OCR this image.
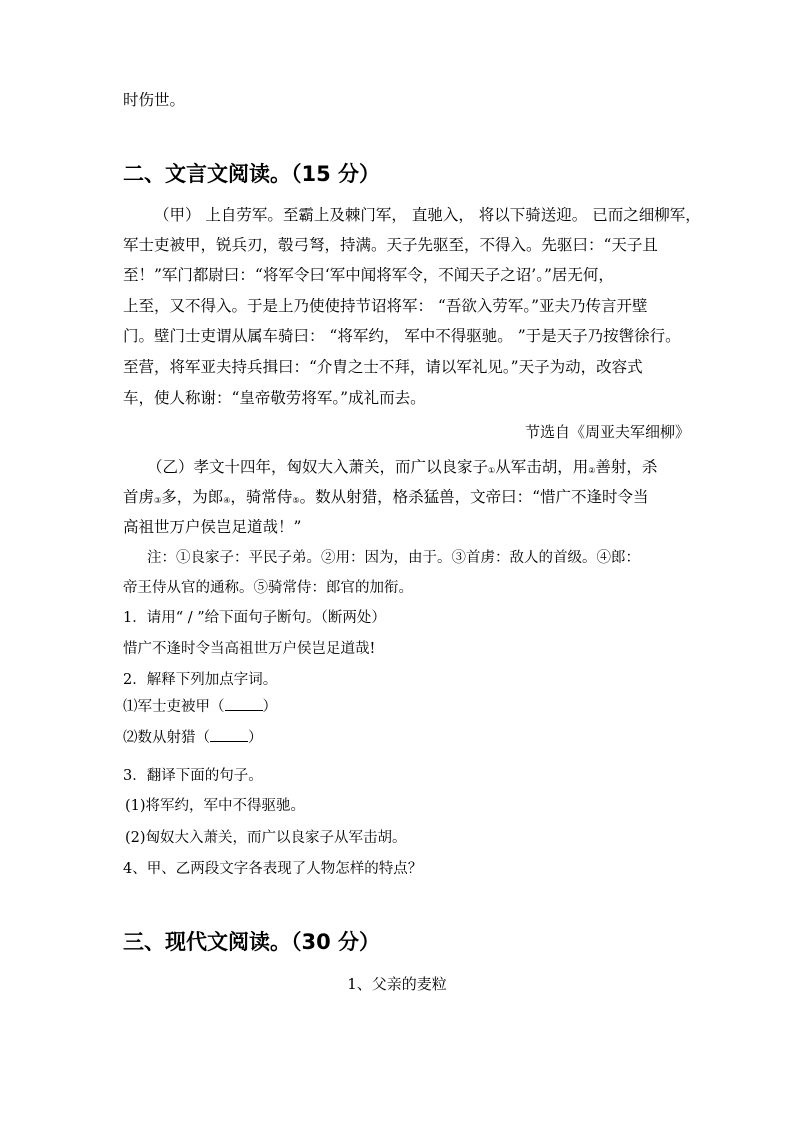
时伤世。
二、文言文阅读。（15 分）
（甲） 上自劳军。至霸上及棘门军， 直驰入， 将以下骑送迎。 已而之细柳军，
军士吏被甲，锐兵刃，彀弓弩，持满。天子先驱至，不得入。先驱曰：“天子且
至！”军门都尉曰：“将军令曰‘军中闻将军令，不闻天子之诏’。”居无何，
上至，又不得入。于是上乃使使持节诏将军： “吾欲入劳军。”亚夫乃传言开壁
门。壁门士吏谓从属车骑曰： “将军约， 军中不得驱驰。 ”于是天子乃按辔徐行。
至营，将军亚夫持兵揖曰：“介胄之士不拜，请以军礼见。”天子为动，改容式
车，使人称谢：“皇帝敬劳将军。”成礼而去。
节选自《周亚夫军细柳》
（乙）孝文十四年，匈奴大入萧关，而广以良家子$_①$从军击胡，用$_②$善射，杀
首虏$_③$多，为郎$_④$，骑常侍$_⑤$。数从射猎，格杀猛兽，文帝曰：“惜广不逢时令当
高祖世万户侯岂足道哉！”
注：①良家子：平民子弟。②用：因为，由于。③首虏：敌人的首级。④郎：
帝王侍从官的通称。⑤骑常侍：郎官的加衔。
1．请用“ / ”给下面句子断句。（断两处）
惜广不逢时令当高祖世万户侯岂足道哉!
2．解释下列加点字词。
⑴军士吏被甲（	）
⑵数从射猎（	）
3．翻译下面的句子。
(1)将军约，军中不得驱驰。
(2)匈奴大入萧关，而广以良家子从军击胡。
4、甲、乙两段文字各表现了人物怎样的特点？
三、现代文阅读。（30 分）
1、父亲的麦粒
